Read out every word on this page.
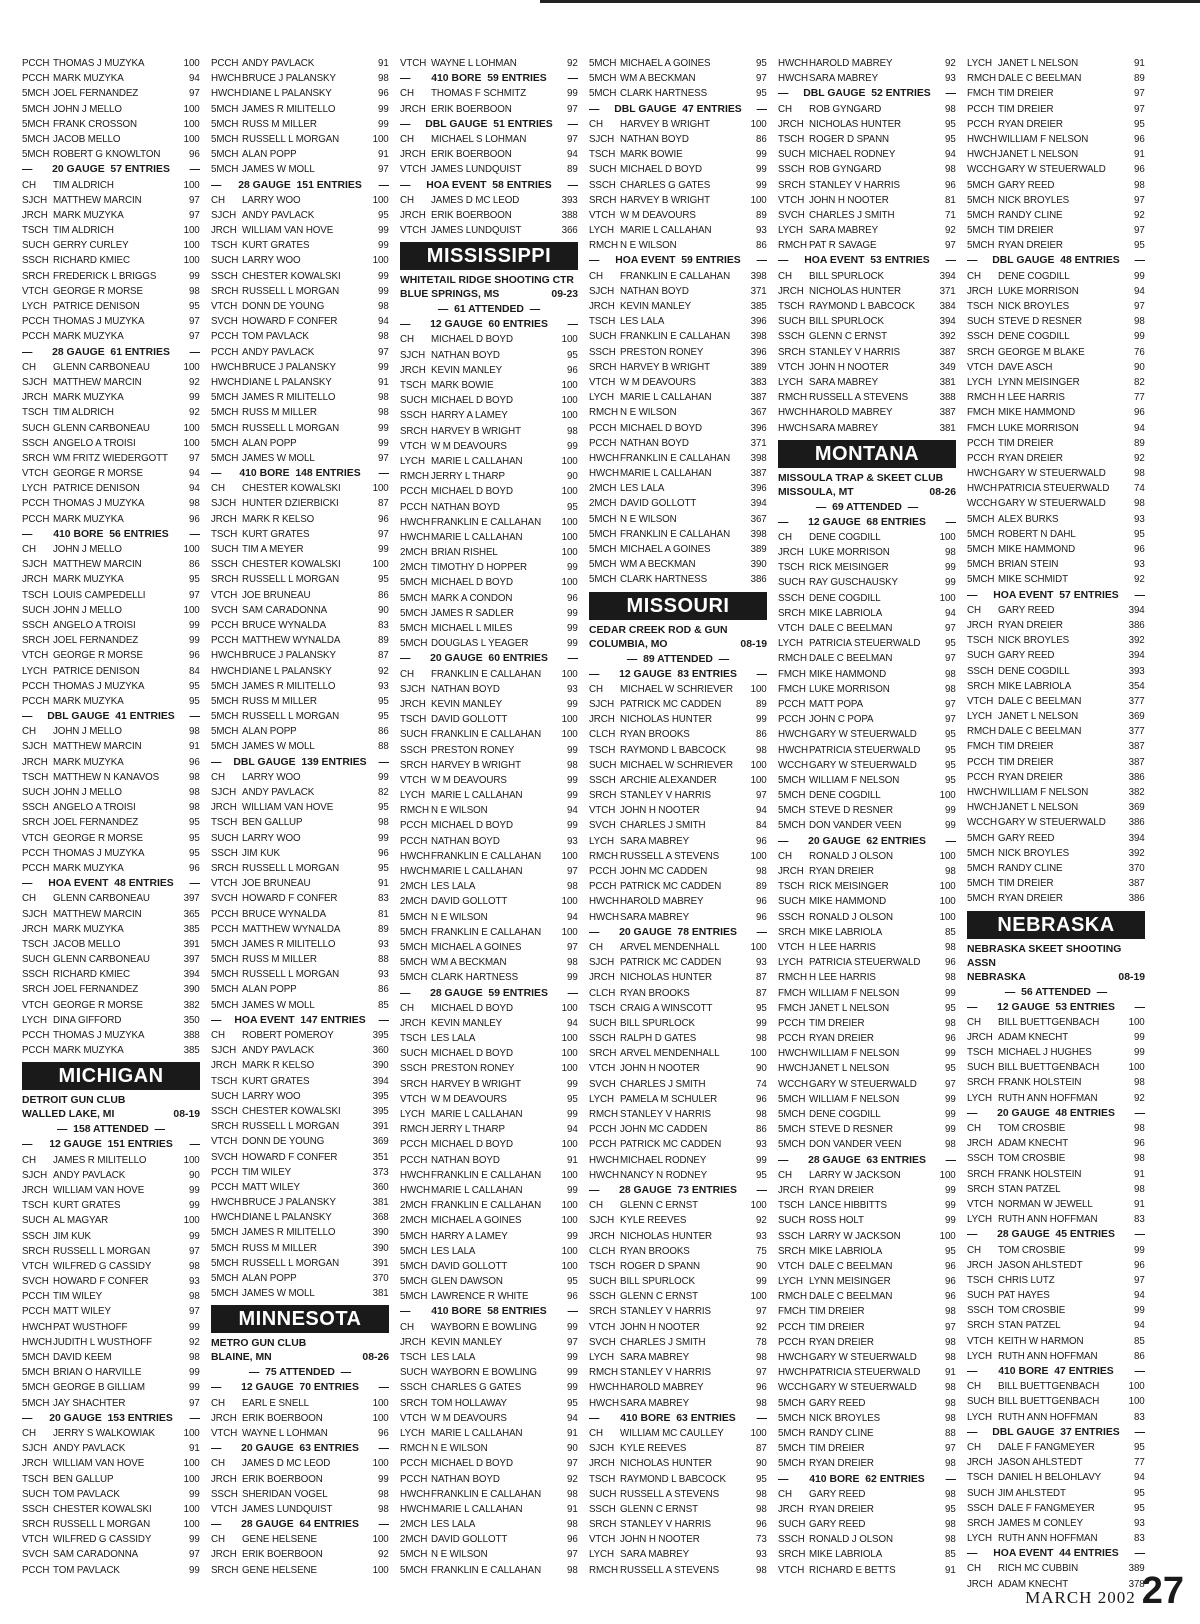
PCCH THOMAS J MUZYKA	100
PCCH MARK MUZYKA	94
5MCH JOEL FERNANDEZ	97
5MCH JOHN J MELLO	100
5MCH FRANK CROSSON	100
5MCH JACOB MELLO	100
5MCH ROBERT G KNOWLTON	96
—	—
20 GAUGE 57 ENTRIES
CH	TIM ALDRICH	100
SJCH MATTHEW MARCIN	97
JRCH MARK MUZYKA	97
TSCH TIM ALDRICH	100
SUCH GERRY CURLEY	100
SSCH RICHARD KMIEC	100
SRCH FREDERICK L BRIGGS	99
VTCH GEORGE R MORSE	98
LYCH PATRICE DENISON	95
PCCH THOMAS J MUZYKA	97
PCCH MARK MUZYKA	97
—	—
28 GAUGE 61 ENTRIES
CH	GLENN CARBONEAU	100
SJCH MATTHEW MARCIN	92
JRCH MARK MUZYKA	99
TSCH TIM ALDRICH	92
SUCH GLENN CARBONEAU	100
SSCH ANGELO A TROISI	100
SRCH WM FRITZ WIEDERGOTT	97
VTCH GEORGE R MORSE	94
LYCH PATRICE DENISON	94
PCCH THOMAS J MUZYKA	98
PCCH MARK MUZYKA	96
—	—
410 BORE 56 ENTRIES
CH	JOHN J MELLO	100
SJCH MATTHEW MARCIN	86
JRCH MARK MUZYKA	95
TSCH LOUIS CAMPEDELLI	97
SUCH JOHN J MELLO	100
SSCH ANGELO A TROISI	99
SRCH JOEL FERNANDEZ	99
VTCH GEORGE R MORSE	96
LYCH PATRICE DENISON	84
PCCH THOMAS J MUZYKA	95
PCCH MARK MUZYKA	95
—	—
DBL GAUGE 41 ENTRIES
CH	JOHN J MELLO	98
SJCH MATTHEW MARCIN	91
JRCH MARK MUZYKA	96
TSCH MATTHEW N KANAVOS	98
SUCH JOHN J MELLO	98
SSCH ANGELO A TROISI	98
SRCH JOEL FERNANDEZ	95
VTCH GEORGE R MORSE	95
PCCH THOMAS J MUZYKA	95
PCCH MARK MUZYKA	96
—	—
HOA EVENT 48 ENTRIES
CH	GLENN CARBONEAU	397
SJCH MATTHEW MARCIN	365
JRCH MARK MUZYKA	385
TSCH JACOB MELLO	391
SUCH GLENN CARBONEAU	397
SSCH RICHARD KMIEC	394
SRCH JOEL FERNANDEZ	390
VTCH GEORGE R MORSE	382
LYCH DINA GIFFORD	350
PCCH THOMAS J MUZYKA	388
PCCH MARK MUZYKA	385
MICHIGAN
DETROIT GUN CLUB
WALLED LAKE, MI	08-19
—  158 ATTENDED  —
—	—
12 GAUGE 151 ENTRIES
CH	JAMES R MILITELLO	100
SJCH ANDY PAVLACK	90
JRCH WILLIAM VAN HOVE	99
TSCH KURT GRATES	99
SUCH AL MAGYAR	100
SSCH JIM KUK	99
SRCH RUSSELL L MORGAN	97
VTCH WILFRED G CASSIDY	98
SVCH HOWARD F CONFER	93
PCCH TIM WILEY	98
PCCH MATT WILEY	97
HWCH PAT WUSTHOFF	99
HWCH JUDITH L WUSTHOFF	92
5MCH DAVID KEEM	98
5MCH BRIAN O HARVILLE	99
5MCH GEORGE B GILLIAM	99
5MCH JAY SHACHTER	97
—	—
20 GAUGE 153 ENTRIES
CH	JERRY S WALKOWIAK	100
SJCH ANDY PAVLACK	91
JRCH WILLIAM VAN HOVE	100
TSCH BEN GALLUP	100
SUCH TOM PAVLACK	99
SSCH CHESTER KOWALSKI	100
SRCH RUSSELL L MORGAN	100
VTCH WILFRED G CASSIDY	99
SVCH SAM CARADONNA	97
PCCH TOM PAVLACK	99
PCCH ANDY PAVLACK	91
HWCH BRUCE J PALANSKY	98
HWCH DIANE L PALANSKY	96
5MCH JAMES R MILITELLO	99
5MCH RUSS M MILLER	99
5MCH RUSSELL L MORGAN	100
5MCH ALAN POPP	91
5MCH JAMES W MOLL	97
—	—
28 GAUGE 151 ENTRIES
CH	LARRY WOO	100
SJCH ANDY PAVLACK	95
JRCH WILLIAM VAN HOVE	99
TSCH KURT GRATES	99
SUCH LARRY WOO	100
SSCH CHESTER KOWALSKI	99
SRCH RUSSELL L MORGAN	99
VTCH DONN DE YOUNG	98
SVCH HOWARD F CONFER	94
PCCH TOM PAVLACK	98
PCCH ANDY PAVLACK	97
HWCH BRUCE J PALANSKY	99
HWCH DIANE L PALANSKY	91
5MCH JAMES R MILITELLO	98
5MCH RUSS M MILLER	98
5MCH RUSSELL L MORGAN	99
5MCH ALAN POPP	99
5MCH JAMES W MOLL	97
—	—
410 BORE 148 ENTRIES
CH	CHESTER KOWALSKI	100
SJCH HUNTER DZIERBICKI	87
JRCH MARK R KELSO	96
TSCH KURT GRATES	97
SUCH TIM A MEYER	99
SSCH CHESTER KOWALSKI	100
SRCH RUSSELL L MORGAN	95
VTCH JOE BRUNEAU	86
SVCH SAM CARADONNA	90
PCCH BRUCE WYNALDA	83
PCCH MATTHEW WYNALDA	89
HWCH BRUCE J PALANSKY	87
HWCH DIANE L PALANSKY	92
5MCH JAMES R MILITELLO	93
5MCH RUSS M MILLER	95
5MCH RUSSELL L MORGAN	95
5MCH ALAN POPP	86
5MCH JAMES W MOLL	88
—	—
DBL GAUGE 139 ENTRIES
CH	LARRY WOO	99
SJCH ANDY PAVLACK	82
JRCH WILLIAM VAN HOVE	95
TSCH BEN GALLUP	98
SUCH LARRY WOO	99
SSCH JIM KUK	96
SRCH RUSSELL L MORGAN	95
VTCH JOE BRUNEAU	91
SVCH HOWARD F CONFER	83
PCCH BRUCE WYNALDA	81
PCCH MATTHEW WYNALDA	89
5MCH JAMES R MILITELLO	93
5MCH RUSS M MILLER	88
5MCH RUSSELL L MORGAN	93
5MCH ALAN POPP	86
5MCH JAMES W MOLL	85
—	—
HOA EVENT 147 ENTRIES
CH	ROBERT POMEROY	395
SJCH ANDY PAVLACK	360
JRCH MARK R KELSO	390
TSCH KURT GRATES	394
SUCH LARRY WOO	395
SSCH CHESTER KOWALSKI	395
SRCH RUSSELL L MORGAN	391
VTCH DONN DE YOUNG	369
SVCH HOWARD F CONFER	351
PCCH TIM WILEY	373
PCCH MATT WILEY	360
HWCH BRUCE J PALANSKY	381
HWCH DIANE L PALANSKY	368
5MCH JAMES R MILITELLO	390
5MCH RUSS M MILLER	390
5MCH RUSSELL L MORGAN	391
5MCH ALAN POPP	370
5MCH JAMES W MOLL	381
MINNESOTA
METRO GUN CLUB
BLAINE, MN	08-26
—  75 ATTENDED  —
—	—
12 GAUGE 70 ENTRIES
CH	EARL E SNELL	100
JRCH ERIK BOERBOON	100
VTCH WAYNE L LOHMAN	96
—	—
20 GAUGE 63 ENTRIES
CH	JAMES D MC LEOD	100
JRCH ERIK BOERBOON	99
SSCH SHERIDAN VOGEL	98
VTCH JAMES LUNDQUIST	98
—	—
28 GAUGE 64 ENTRIES
CH	GENE HELSENE	100
JRCH ERIK BOERBOON	92
SRCH GENE HELSENE	100
VTCH WAYNE L LOHMAN	92
—	—
410 BORE 59 ENTRIES
CH	THOMAS F SCHMITZ	99
JRCH ERIK BOERBOON	97
—	—
DBL GAUGE 51 ENTRIES
CH	MICHAEL S LOHMAN	97
JRCH ERIK BOERBOON	94
VTCH JAMES LUNDQUIST	89
—	—
HOA EVENT 58 ENTRIES
CH	JAMES D MC LEOD	393
JRCH ERIK BOERBOON	388
VTCH JAMES LUNDQUIST	366
MISSISSIPPI
WHITETAIL RIDGE SHOOTING CTR
BLUE SPRINGS, MS	09-23
—  61 ATTENDED  —
—	—
12 GAUGE 60 ENTRIES
CH	MICHAEL D BOYD	100
SJCH NATHAN BOYD	95
JRCH KEVIN MANLEY	96
TSCH MARK BOWIE	100
SUCH MICHAEL D BOYD	100
SSCH HARRY A LAMEY	100
SRCH HARVEY B WRIGHT	98
VTCH W M DEAVOURS	99
LYCH MARIE L CALLAHAN	100
RMCH JERRY L THARP	90
PCCH MICHAEL D BOYD	100
PCCH NATHAN BOYD	95
HWCH FRANKLIN E CALLAHAN	100
HWCH MARIE L CALLAHAN	100
2MCH BRIAN RISHEL	100
2MCH TIMOTHY D HOPPER	99
5MCH MICHAEL D BOYD	100
5MCH MARK A CONDON	96
5MCH JAMES R SADLER	99
5MCH MICHAEL L MILES	99
5MCH DOUGLAS L YEAGER	99
—	—
20 GAUGE 60 ENTRIES
CH	FRANKLIN E CALLAHAN	100
SJCH NATHAN BOYD	93
JRCH KEVIN MANLEY	99
TSCH DAVID GOLLOTT	100
SUCH FRANKLIN E CALLAHAN	100
SSCH PRESTON RONEY	99
SRCH HARVEY B WRIGHT	98
VTCH W M DEAVOURS	99
LYCH MARIE L CALLAHAN	99
RMCH N E WILSON	94
PCCH MICHAEL D BOYD	99
PCCH NATHAN BOYD	93
HWCH FRANKLIN E CALLAHAN	100
HWCH MARIE L CALLAHAN	97
2MCH LES LALA	98
2MCH DAVID GOLLOTT	100
5MCH N E WILSON	94
5MCH FRANKLIN E CALLAHAN	100
5MCH MICHAEL A GOINES	97
5MCH WM A BECKMAN	98
5MCH CLARK HARTNESS	99
—	—
28 GAUGE 59 ENTRIES
CH	MICHAEL D BOYD	100
JRCH KEVIN MANLEY	94
TSCH LES LALA	100
SUCH MICHAEL D BOYD	100
SSCH PRESTON RONEY	100
SRCH HARVEY B WRIGHT	99
VTCH W M DEAVOURS	95
LYCH MARIE L CALLAHAN	99
RMCH JERRY L THARP	94
PCCH MICHAEL D BOYD	100
PCCH NATHAN BOYD	91
HWCH FRANKLIN E CALLAHAN	100
HWCH MARIE L CALLAHAN	99
2MCH FRANKLIN E CALLAHAN	100
2MCH MICHAEL A GOINES	100
5MCH HARRY A LAMEY	99
5MCH LES LALA	100
5MCH DAVID GOLLOTT	100
5MCH GLEN DAWSON	95
5MCH LAWRENCE R WHITE	96
—	—
410 BORE 58 ENTRIES
CH	WAYBORN E BOWLING	99
JRCH KEVIN MANLEY	97
TSCH LES LALA	99
SUCH WAYBORN E BOWLING	99
SSCH CHARLES G GATES	99
SRCH TOM HOLLAWAY	95
VTCH W M DEAVOURS	94
LYCH MARIE L CALLAHAN	91
RMCH N E WILSON	90
PCCH MICHAEL D BOYD	97
PCCH NATHAN BOYD	92
HWCH FRANKLIN E CALLAHAN	98
HWCH MARIE L CALLAHAN	91
2MCH LES LALA	98
2MCH DAVID GOLLOTT	96
5MCH N E WILSON	97
5MCH FRANKLIN E CALLAHAN	98
5MCH MICHAEL A GOINES	95
5MCH WM A BECKMAN	97
5MCH CLARK HARTNESS	95
—	—
DBL GAUGE 47 ENTRIES
CH	HARVEY B WRIGHT	100
SJCH NATHAN BOYD	86
TSCH MARK BOWIE	99
SUCH MICHAEL D BOYD	99
SSCH CHARLES G GATES	99
SRCH HARVEY B WRIGHT	100
VTCH W M DEAVOURS	89
LYCH MARIE L CALLAHAN	93
RMCH N E WILSON	86
—	—
HOA EVENT 59 ENTRIES
CH	FRANKLIN E CALLAHAN	398
SJCH NATHAN BOYD	371
JRCH KEVIN MANLEY	385
TSCH LES LALA	396
SUCH FRANKLIN E CALLAHAN	398
SSCH PRESTON RONEY	396
SRCH HARVEY B WRIGHT	389
VTCH W M DEAVOURS	383
LYCH MARIE L CALLAHAN	387
RMCH N E WILSON	367
PCCH MICHAEL D BOYD	396
PCCH NATHAN BOYD	371
HWCH FRANKLIN E CALLAHAN	398
HWCH MARIE L CALLAHAN	387
2MCH LES LALA	396
2MCH DAVID GOLLOTT	394
5MCH N E WILSON	367
5MCH FRANKLIN E CALLAHAN	398
5MCH MICHAEL A GOINES	389
5MCH WM A BECKMAN	390
5MCH CLARK HARTNESS	386
MISSOURI
CEDAR CREEK ROD & GUN
COLUMBIA, MO	08-19
—  89 ATTENDED  —
—	—
12 GAUGE 83 ENTRIES
CH	MICHAEL W SCHRIEVER	100
SJCH PATRICK MC CADDEN	89
JRCH NICHOLAS HUNTER	99
CLCH RYAN BROOKS	86
TSCH RAYMOND L BABCOCK	98
SUCH MICHAEL W SCHRIEVER	100
SSCH ARCHIE ALEXANDER	100
SRCH STANLEY V HARRIS	97
VTCH JOHN H NOOTER	94
SVCH CHARLES J SMITH	84
LYCH SARA MABREY	96
RMCH RUSSELL A STEVENS	100
PCCH JOHN MC CADDEN	98
PCCH PATRICK MC CADDEN	89
HWCH HAROLD MABREY	96
HWCH SARA MABREY	96
—	—
20 GAUGE 78 ENTRIES
CH	ARVEL MENDENHALL	100
SJCH PATRICK MC CADDEN	93
JRCH NICHOLAS HUNTER	87
CLCH RYAN BROOKS	87
TSCH CRAIG A WINSCOTT	95
SUCH BILL SPURLOCK	99
SSCH RALPH D GATES	98
SRCH ARVEL MENDENHALL	100
VTCH JOHN H NOOTER	90
SVCH CHARLES J SMITH	74
LYCH PAMELA M SCHULER	96
RMCH STANLEY V HARRIS	98
PCCH JOHN MC CADDEN	86
PCCH PATRICK MC CADDEN	93
HWCH MICHAEL RODNEY	99
HWCH NANCY N RODNEY	95
—	—
28 GAUGE 73 ENTRIES
CH	GLENN C ERNST	100
SJCH KYLE REEVES	92
JRCH NICHOLAS HUNTER	93
CLCH RYAN BROOKS	75
TSCH ROGER D SPANN	90
SUCH BILL SPURLOCK	99
SSCH GLENN C ERNST	100
SRCH STANLEY V HARRIS	97
VTCH JOHN H NOOTER	92
SVCH CHARLES J SMITH	78
LYCH SARA MABREY	98
RMCH STANLEY V HARRIS	97
HWCH HAROLD MABREY	96
HWCH SARA MABREY	98
—	—
410 BORE 63 ENTRIES
CH	WILLIAM MC CAULLEY	100
SJCH KYLE REEVES	87
JRCH NICHOLAS HUNTER	90
TSCH RAYMOND L BABCOCK	95
SUCH RUSSELL A STEVENS	98
SSCH GLENN C ERNST	98
SRCH STANLEY V HARRIS	96
VTCH JOHN H NOOTER	73
LYCH SARA MABREY	93
RMCH RUSSELL A STEVENS	98
HWCH HAROLD MABREY	92
HWCH SARA MABREY	93
—	—
DBL GAUGE 52 ENTRIES
CH	ROB GYNGARD	98
JRCH NICHOLAS HUNTER	95
TSCH ROGER D SPANN	95
SUCH MICHAEL RODNEY	94
SSCH ROB GYNGARD	98
SRCH STANLEY V HARRIS	96
VTCH JOHN H NOOTER	81
SVCH CHARLES J SMITH	71
LYCH SARA MABREY	92
RMCH PAT R SAVAGE	97
—	—
HOA EVENT 53 ENTRIES
CH	BILL SPURLOCK	394
JRCH NICHOLAS HUNTER	371
TSCH RAYMOND L BABCOCK	384
SUCH BILL SPURLOCK	394
SSCH GLENN C ERNST	392
SRCH STANLEY V HARRIS	387
VTCH JOHN H NOOTER	349
LYCH SARA MABREY	381
RMCH RUSSELL A STEVENS	388
HWCH HAROLD MABREY	387
HWCH SARA MABREY	381
MONTANA
MISSOULA TRAP & SKEET CLUB
MISSOULA, MT	08-26
—  69 ATTENDED  —
—	—
12 GAUGE 68 ENTRIES
CH	DENE COGDILL	100
JRCH LUKE MORRISON	98
TSCH RICK MEISINGER	99
SUCH RAY GUSCHAUSKY	99
SSCH DENE COGDILL	100
SRCH MIKE LABRIOLA	94
VTCH DALE C BEELMAN	97
LYCH PATRICIA STEUERWALD	95
RMCH DALE C BEELMAN	97
FMCH MIKE HAMMOND	98
FMCH LUKE MORRISON	98
PCCH MATT POPA	97
PCCH JOHN C POPA	97
HWCH GARY W STEUERWALD	95
HWCH PATRICIA STEUERWALD	95
WCCH GARY W STEUERWALD	95
5MCH WILLIAM F NELSON	95
5MCH DENE COGDILL	100
5MCH STEVE D RESNER	99
5MCH DON VANDER VEEN	99
—	—
20 GAUGE 62 ENTRIES
CH	RONALD J OLSON	100
JRCH RYAN DREIER	98
TSCH RICK MEISINGER	100
SUCH MIKE HAMMOND	100
SSCH RONALD J OLSON	100
SRCH MIKE LABRIOLA	85
VTCH H LEE HARRIS	98
LYCH PATRICIA STEUERWALD	96
RMCH H LEE HARRIS	98
FMCH WILLIAM F NELSON	99
FMCH JANET L NELSON	95
PCCH TIM DREIER	98
PCCH RYAN DREIER	96
HWCH WILLIAM F NELSON	99
HWCH JANET L NELSON	95
WCCH GARY W STEUERWALD	97
5MCH WILLIAM F NELSON	99
5MCH DENE COGDILL	99
5MCH STEVE D RESNER	99
5MCH DON VANDER VEEN	98
—	—
28 GAUGE 63 ENTRIES
CH	LARRY W JACKSON	100
JRCH RYAN DREIER	99
TSCH LANCE HIBBITTS	99
SUCH ROSS HOLT	99
SSCH LARRY W JACKSON	100
SRCH MIKE LABRIOLA	95
VTCH DALE C BEELMAN	96
LYCH LYNN MEISINGER	96
RMCH DALE C BEELMAN	96
FMCH TIM DREIER	98
PCCH TIM DREIER	97
PCCH RYAN DREIER	98
HWCH GARY W STEUERWALD	98
HWCH PATRICIA STEUERWALD	91
WCCH GARY W STEUERWALD	98
5MCH GARY REED	98
5MCH NICK BROYLES	98
5MCH RANDY CLINE	88
5MCH TIM DREIER	97
5MCH RYAN DREIER	98
—	—
410 BORE 62 ENTRIES
CH	GARY REED	98
JRCH RYAN DREIER	95
SUCH GARY REED	98
SSCH RONALD J OLSON	98
SRCH MIKE LABRIOLA	85
VTCH RICHARD E BETTS	91
LYCH JANET L NELSON	91
RMCH DALE C BEELMAN	89
FMCH TIM DREIER	97
PCCH TIM DREIER	97
PCCH RYAN DREIER	95
HWCH WILLIAM F NELSON	96
HWCH JANET L NELSON	91
WCCH GARY W STEUERWALD	96
5MCH GARY REED	98
5MCH NICK BROYLES	97
5MCH RANDY CLINE	92
5MCH TIM DREIER	97
5MCH RYAN DREIER	95
—	—
DBL GAUGE 48 ENTRIES
CH	DENE COGDILL	99
JRCH LUKE MORRISON	94
TSCH NICK BROYLES	97
SUCH STEVE D RESNER	98
SSCH DENE COGDILL	99
SRCH GEORGE M BLAKE	76
VTCH DAVE ASCH	90
LYCH LYNN MEISINGER	82
RMCH H LEE HARRIS	77
FMCH MIKE HAMMOND	96
FMCH LUKE MORRISON	94
PCCH TIM DREIER	89
PCCH RYAN DREIER	92
HWCH GARY W STEUERWALD	98
HWCH PATRICIA STEUERWALD	74
WCCH GARY W STEUERWALD	98
5MCH ALEX BURKS	93
5MCH ROBERT N DAHL	95
5MCH MIKE HAMMOND	96
5MCH BRIAN STEIN	93
5MCH MIKE SCHMIDT	92
—	—
HOA EVENT 57 ENTRIES
CH	GARY REED	394
JRCH RYAN DREIER	386
TSCH NICK BROYLES	392
SUCH GARY REED	394
SSCH DENE COGDILL	393
SRCH MIKE LABRIOLA	354
VTCH DALE C BEELMAN	377
LYCH JANET L NELSON	369
RMCH DALE C BEELMAN	377
FMCH TIM DREIER	387
PCCH TIM DREIER	387
PCCH RYAN DREIER	386
HWCH WILLIAM F NELSON	382
HWCH JANET L NELSON	369
WCCH GARY W STEUERWALD	386
5MCH GARY REED	394
5MCH NICK BROYLES	392
5MCH RANDY CLINE	370
5MCH TIM DREIER	387
5MCH RYAN DREIER	386
NEBRASKA
NEBRASKA SKEET SHOOTING ASSN
NEBRASKA	08-19
—  56 ATTENDED  —
—	—
12 GAUGE 53 ENTRIES
CH	BILL BUETTGENBACH	100
JRCH ADAM KNECHT	99
TSCH MICHAEL J HUGHES	99
SUCH BILL BUETTGENBACH	100
SRCH FRANK HOLSTEIN	98
LYCH RUTH ANN HOFFMAN	92
—	—
20 GAUGE 48 ENTRIES
CH	TOM CROSBIE	98
JRCH ADAM KNECHT	96
SSCH TOM CROSBIE	98
SRCH FRANK HOLSTEIN	91
SRCH STAN PATZEL	98
VTCH NORMAN W JEWELL	91
LYCH RUTH ANN HOFFMAN	83
—	—
28 GAUGE 45 ENTRIES
CH	TOM CROSBIE	99
JRCH JASON AHLSTEDT	96
TSCH CHRIS LUTZ	97
SUCH PAT HAYES	94
SSCH TOM CROSBIE	99
SRCH STAN PATZEL	94
VTCH KEITH W HARMON	85
LYCH RUTH ANN HOFFMAN	86
—	—
410 BORE 47 ENTRIES
CH	BILL BUETTGENBACH	100
SUCH BILL BUETTGENBACH	100
LYCH RUTH ANN HOFFMAN	83
—	—
DBL GAUGE 37 ENTRIES
CH	DALE F FANGMEYER	95
JRCH JASON AHLSTEDT	77
TSCH DANIEL H BELOHLAVY	94
SUCH JIM AHLSTEDT	95
SSCH DALE F FANGMEYER	95
SRCH JAMES M CONLEY	93
LYCH RUTH ANN HOFFMAN	83
—	—
HOA EVENT 44 ENTRIES
CH	RICH MC CUBBIN	389
JRCH ADAM KNECHT	378
MARCH 2002 27
